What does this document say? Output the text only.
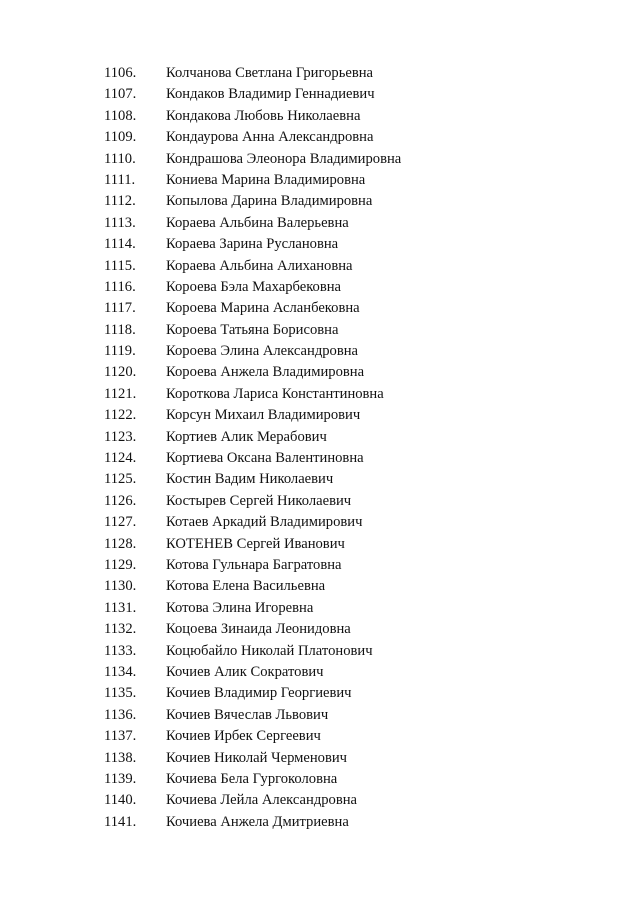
1106. Колчанова Светлана Григорьевна
1107. Кондаков Владимир Геннадиевич
1108. Кондакова Любовь Николаевна
1109. Кондаурова Анна Александровна
1110. Кондрашова Элеонора Владимировна
1111. Кониева Марина Владимировна
1112. Копылова Дарина Владимировна
1113. Кораева Альбина Валерьевна
1114. Кораева Зарина Руслановна
1115. Кораева Альбина Алихановна
1116. Короева Бэла Махарбековна
1117. Короева Марина Асланбековна
1118. Короева Татьяна Борисовна
1119. Короева Элина Александровна
1120. Короева Анжела Владимировна
1121. Короткова Лариса Константиновна
1122. Корсун Михаил Владимирович
1123. Кортиев Алик Мерабович
1124. Кортиева Оксана Валентиновна
1125. Костин Вадим Николаевич
1126. Костырев Сергей Николаевич
1127. Котаев Аркадий Владимирович
1128. КОТЕНЕВ Сергей Иванович
1129. Котова Гульнара Багратовна
1130. Котова Елена Васильевна
1131. Котова Элина Игоревна
1132. Коцоева Зинаида Леонидовна
1133. Коцюбайло Николай Платонович
1134. Кочиев Алик Сократович
1135. Кочиев Владимир Георгиевич
1136. Кочиев Вячеслав Львович
1137. Кочиев Ирбек Сергеевич
1138. Кочиев Николай Черменович
1139. Кочиева Бела Гургоколовна
1140. Кочиева Лейла Александровна
1141. Кочиева Анжела Дмитриевна
